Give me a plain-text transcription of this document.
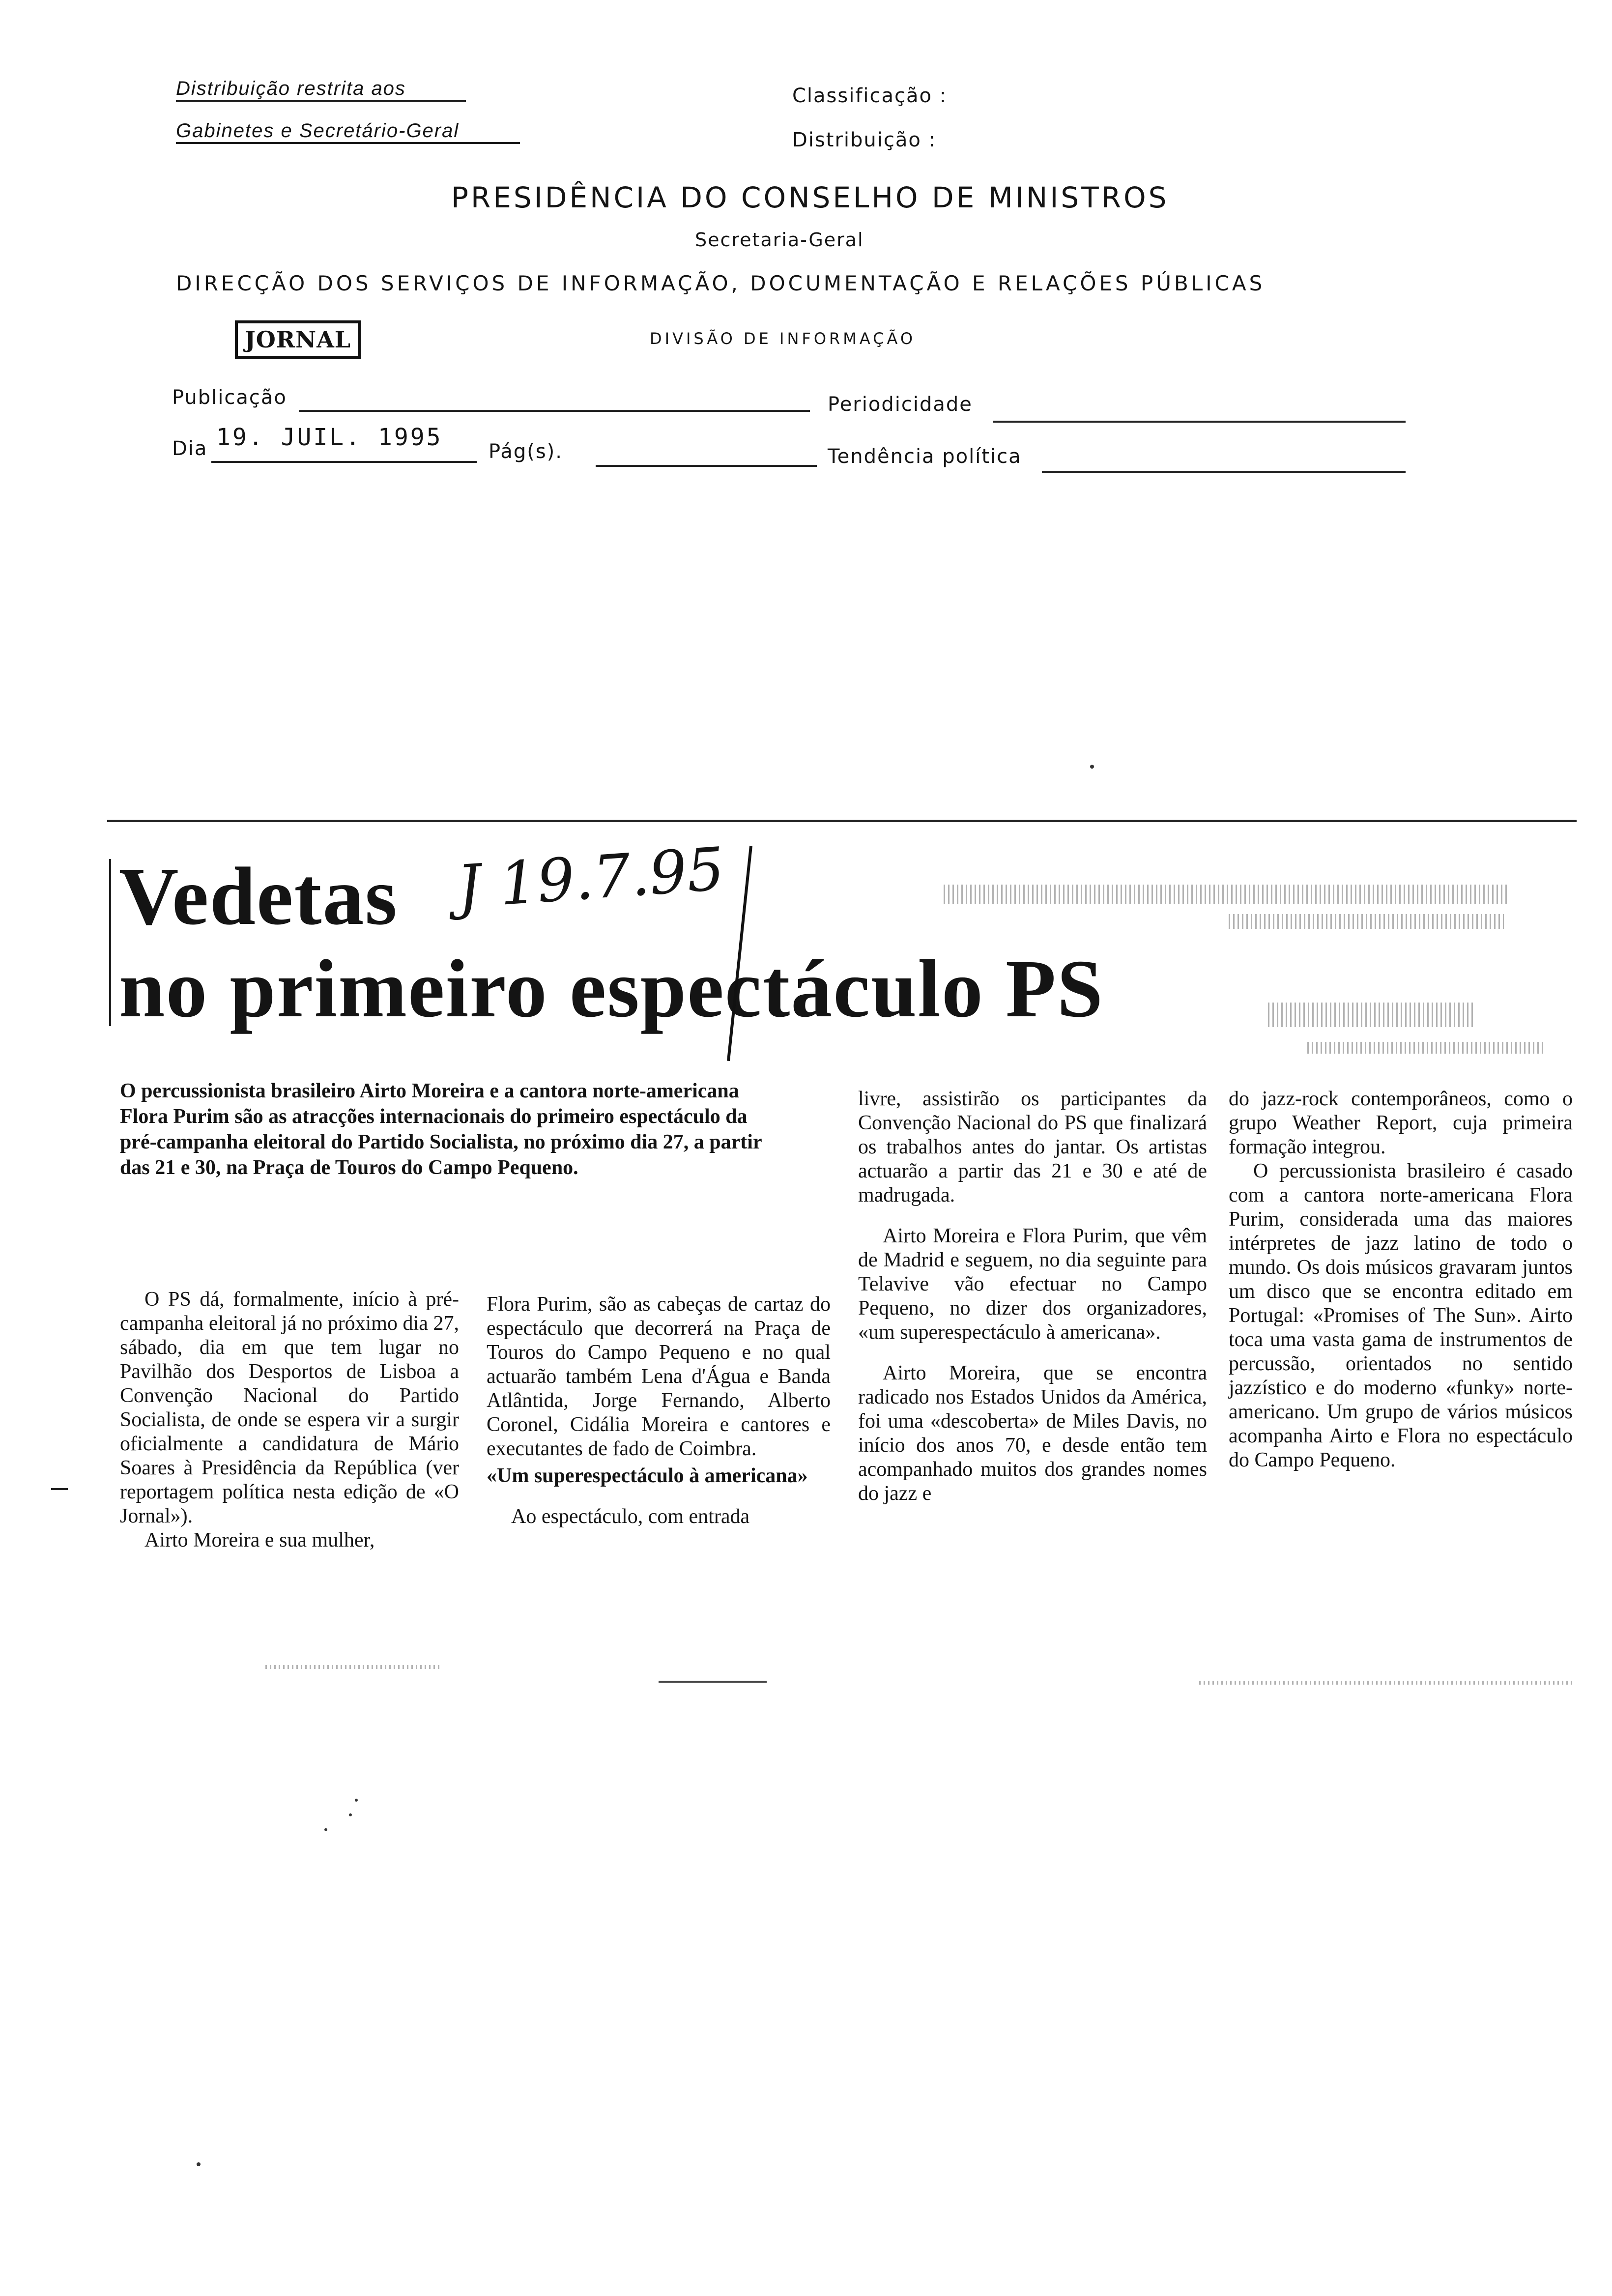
Distribuição restrita aos
Gabinetes e Secretário-Geral
Classificação :
Distribuição :
PRESIDÊNCIA DO CONSELHO DE MINISTROS
Secretaria-Geral
DIRECÇÃO DOS SERVIÇOS DE INFORMAÇÃO, DOCUMENTAÇÃO E RELAÇÕES PÚBLICAS
JORNAL	DIVISÃO DE INFORMAÇÃO
Publicação	Periodicidade
Dia 19. JUIL. 1995
Pág(s).	Tendência política
Vedetas
no primeiro espectáculo PS
J 19.7.95
O percussionista brasileiro Airto Moreira e a cantora norte-americana Flora Purim são as atracções internacionais do primeiro espectáculo da pré-campanha eleitoral do Partido Socialista, no próximo dia 27, a partir das 21 e 30, na Praça de Touros do Campo Pequeno.

O PS dá, formalmente, início à pré-campanha eleitoral já no próximo dia 27, sábado, dia em que tem lugar no Pavilhão dos Desportos de Lisboa a Convenção Nacional do Partido Socialista, de onde se espera vir a surgir oficialmente a candidatura de Mário Soares à Presidência da República (ver reportagem política nesta edição de «O Jornal»).

Airto Moreira e sua mulher,

Flora Purim, são as cabeças de cartaz do espectáculo que decorrerá na Praça de Touros do Campo Pequeno e no qual actuarão também Lena d'Água e Banda Atlântida, Jorge Fernando, Alberto Coronel, Cidália Moreira e cantores e executantes de fado de Coimbra.

«Um superespectáculo à americana»

Ao espectáculo, com entrada

livre, assistirão os participantes da Convenção Nacional do PS que finalizará os trabalhos antes do jantar. Os artistas actuarão a partir das 21 e 30 e até de madrugada.

Airto Moreira e Flora Purim, que vêm de Madrid e seguem, no dia seguinte para Telavive vão efectuar no Campo Pequeno, no dizer dos organizadores, «um superespectáculo à americana».

Airto Moreira, que se encontra radicado nos Estados Unidos da América, foi uma «descoberta» de Miles Davis, no início dos anos 70, e desde então tem acompanhado muitos dos grandes nomes do jazz e

do jazz-rock contemporâneos, como o grupo Weather Report, cuja primeira formação integrou.

O percussionista brasileiro é casado com a cantora norte-americana Flora Purim, considerada uma das maiores intérpretes de jazz latino de todo o mundo. Os dois músicos gravaram juntos um disco que se encontra editado em Portugal: «Promises of The Sun». Airto toca uma vasta gama de instrumentos de percussão, orientados no sentido jazzístico e do moderno «funky» norte-americano. Um grupo de vários músicos acompanha Airto e Flora no espectáculo do Campo Pequeno.
